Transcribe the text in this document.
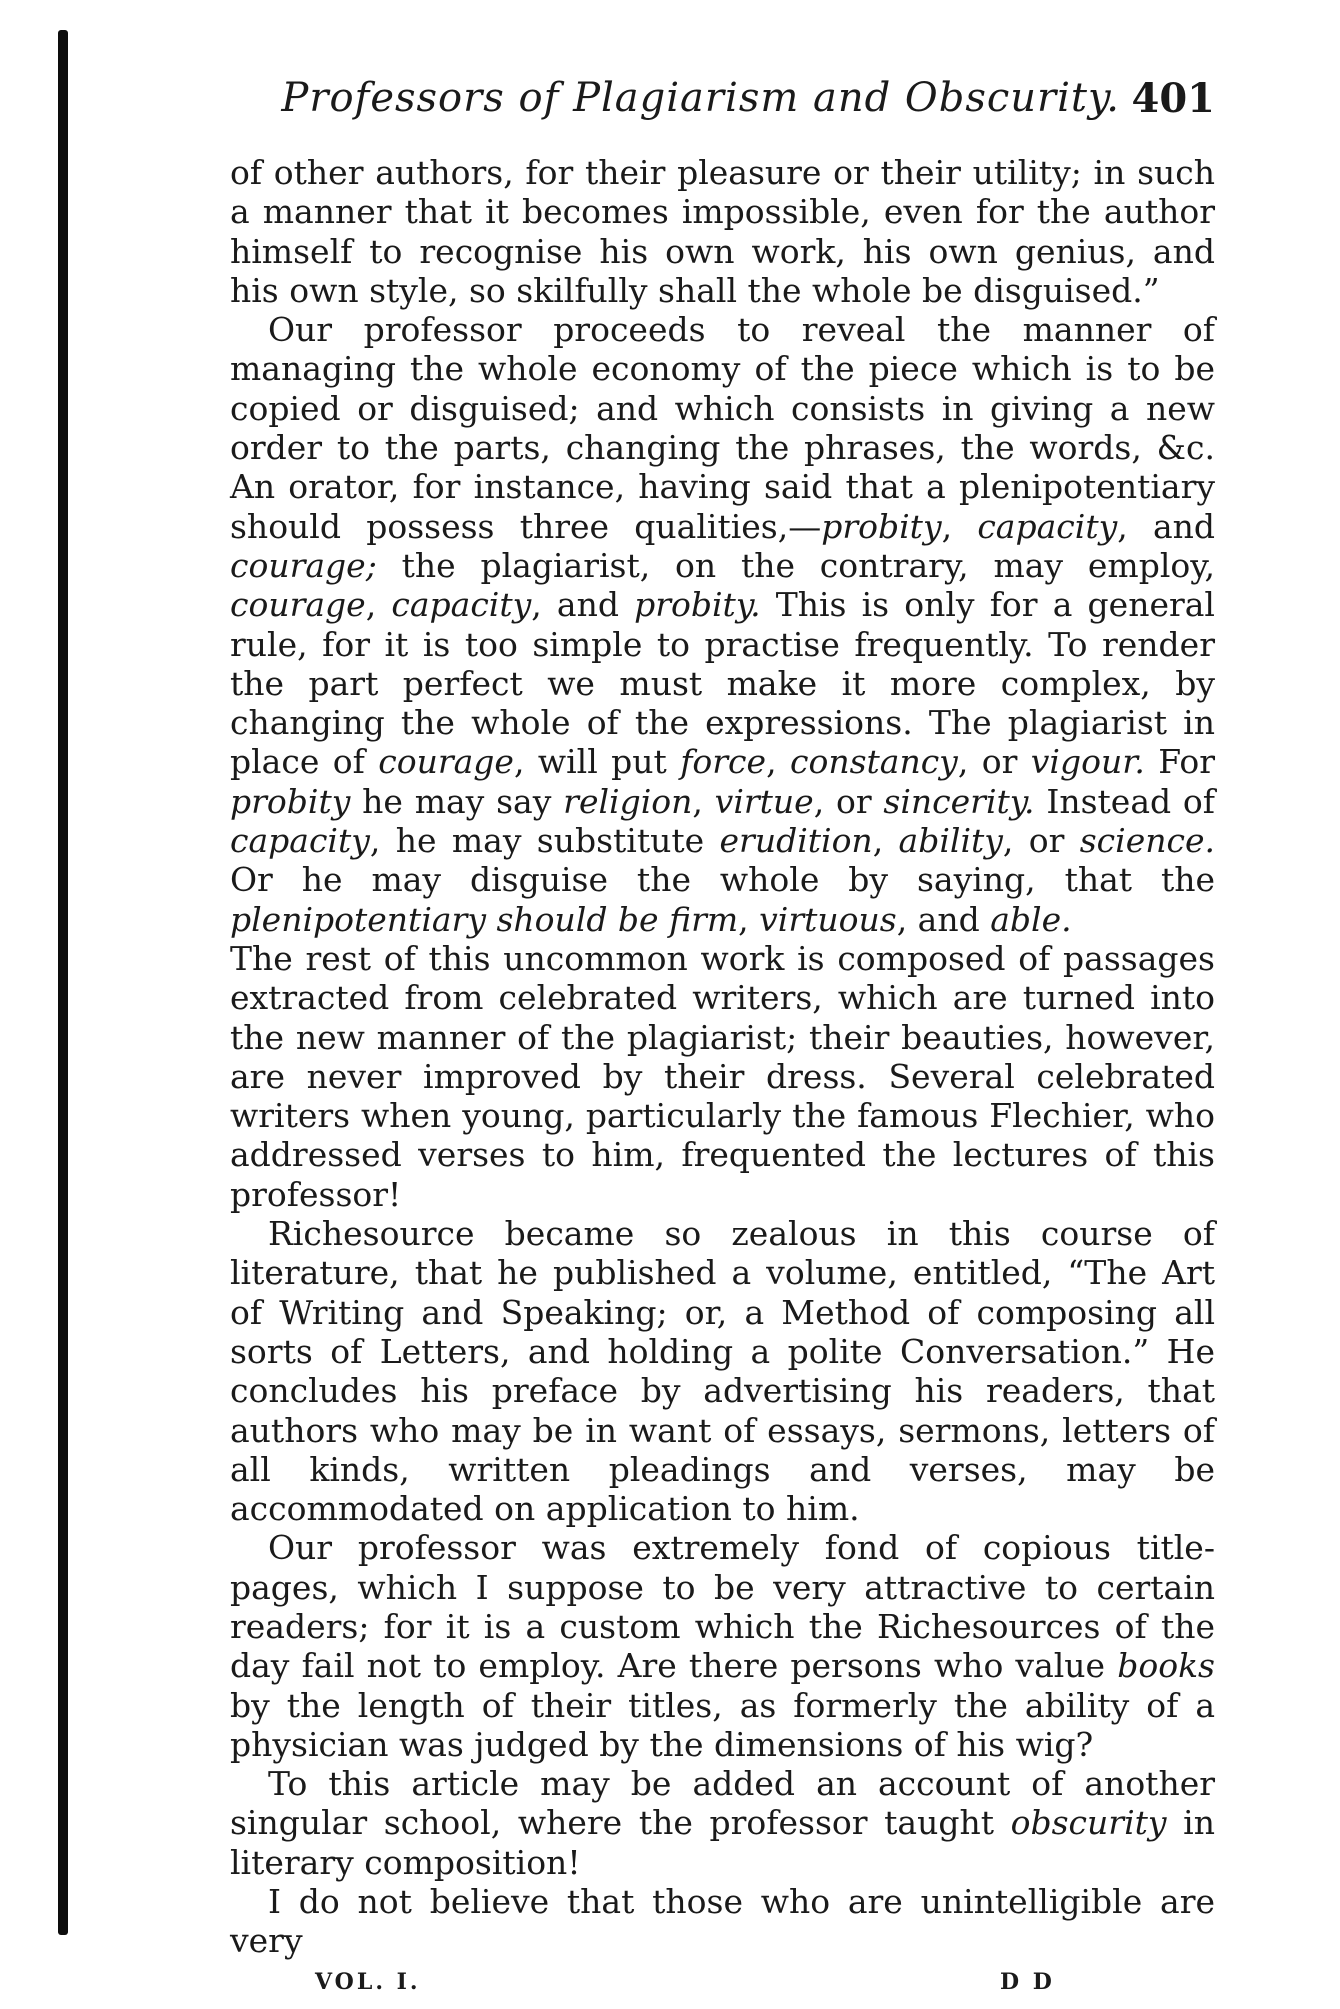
Professors of Plagiarism and Obscurity. 401

of other authors, for their pleasure or their utility; in such a manner that it becomes impossible, even for the author himself to recognise his own work, his own genius, and his own style, so skilfully shall the whole be disguised.”

Our professor proceeds to reveal the manner of managing the whole economy of the piece which is to be copied or disguised; and which consists in giving a new order to the parts, changing the phrases, the words, &c. An orator, for instance, having said that a plenipotentiary should possess three qualities,—probity, capacity, and courage; the plagiarist, on the contrary, may employ, courage, capacity, and probity. This is only for a general rule, for it is too simple to practise frequently. To render the part perfect we must make it more complex, by changing the whole of the expressions. The plagiarist in place of courage, will put force, constancy, or vigour. For probity he may say religion, virtue, or sincerity. Instead of capacity, he may substitute erudition, ability, or science. Or he may disguise the whole by saying, that the plenipotentiary should be firm, virtuous, and able.

The rest of this uncommon work is composed of passages extracted from celebrated writers, which are turned into the new manner of the plagiarist; their beauties, however, are never improved by their dress. Several celebrated writers when young, particularly the famous Flechier, who addressed verses to him, frequented the lectures of this professor!

Richesource became so zealous in this course of literature, that he published a volume, entitled, “The Art of Writing and Speaking; or, a Method of composing all sorts of Letters, and holding a polite Conversation.” He concludes his preface by advertising his readers, that authors who may be in want of essays, sermons, letters of all kinds, written pleadings and verses, may be accommodated on application to him.

Our professor was extremely fond of copious title-pages, which I suppose to be very attractive to certain readers; for it is a custom which the Richesources of the day fail not to employ. Are there persons who value books by the length of their titles, as formerly the ability of a physician was judged by the dimensions of his wig?

To this article may be added an account of another singular school, where the professor taught obscurity in literary composition!

I do not believe that those who are unintelligible are very

VOL. I.	D D
